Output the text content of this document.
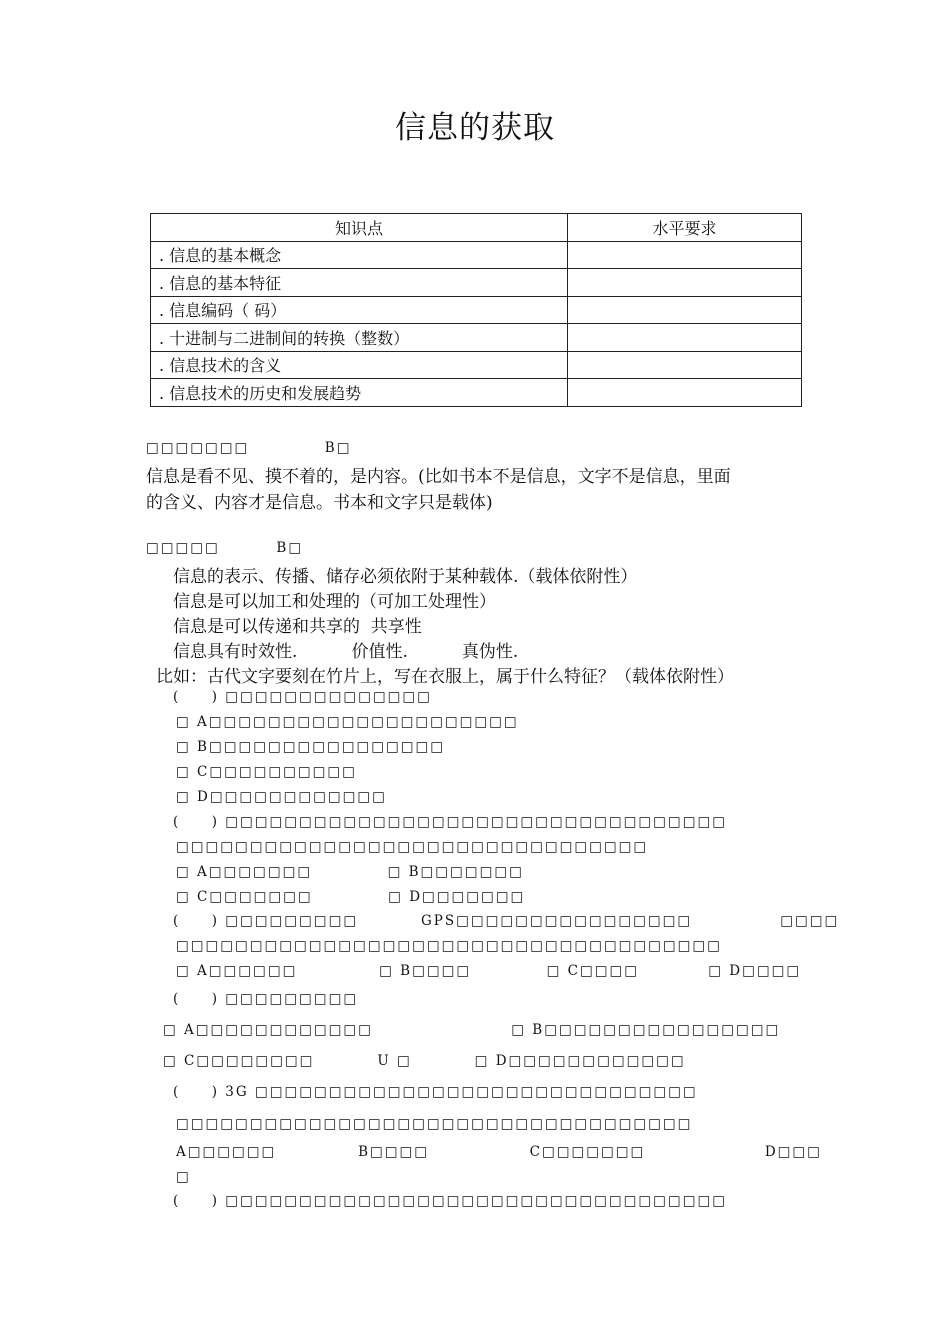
信息的获取
知识点	水平要求
. 信息的基本概念	
. 信息的基本特征	
. 信息编码（ 码）	
. 十进制与二进制间的转换（整数）	
. 信息技术的含义	
. 信息技术的历史和发展趋势	
□□□□□□□            B□
信息是看不见、摸不着的，是内容。(比如书本不是信息，文字不是信息，里面
的含义、内容才是信息。书本和文字只是载体)
□□□□□         B□
信息的表示、传播、储存必须依附于某种载体.（载体依附性）
信息是可以加工和处理的（可加工处理性）
信息是可以传递和共享的  共享性
信息具有时效性.          价值性.          真伪性.
比如：古代文字要刻在竹片上，写在衣服上，属于什么特征？（载体依附性）
(     ) □□□□□□□□□□□□□□
□ A□□□□□□□□□□□□□□□□□□□□□
□ B□□□□□□□□□□□□□□□□
□ C□□□□□□□□□□
□ D□□□□□□□□□□□□
(     ) □□□□□□□□□□□□□□□□□□□□□□□□□□□□□□□□□□
□□□□□□□□□□□□□□□□□□□□□□□□□□□□□□□□
□ A□□□□□□□            □ B□□□□□□□
□ C□□□□□□□            □ D□□□□□□□
(     ) □□□□□□□□□          GPS□□□□□□□□□□□□□□□□              □□□□
□□□□□□□□□□□□□□□□□□□□□□□□□□□□□□□□□□□□□
□ A□□□□□□             □ B□□□□            □ C□□□□           □ D□□□□
(     ) □□□□□□□□□
□ A□□□□□□□□□□□□                      □ B□□□□□□□□□□□□□□□□
□ C□□□□□□□□          U □          □ D□□□□□□□□□□□□
(     ) 3G □□□□□□□□□□□□□□□□□□□□□□□□□□□□□□
□□□□□□□□□□□□□□□□□□□□□□□□□□□□□□□□□□□
A□□□□□□             B□□□□                C□□□□□□□                   D□□□
□
(     ) □□□□□□□□□□□□□□□□□□□□□□□□□□□□□□□□□□
